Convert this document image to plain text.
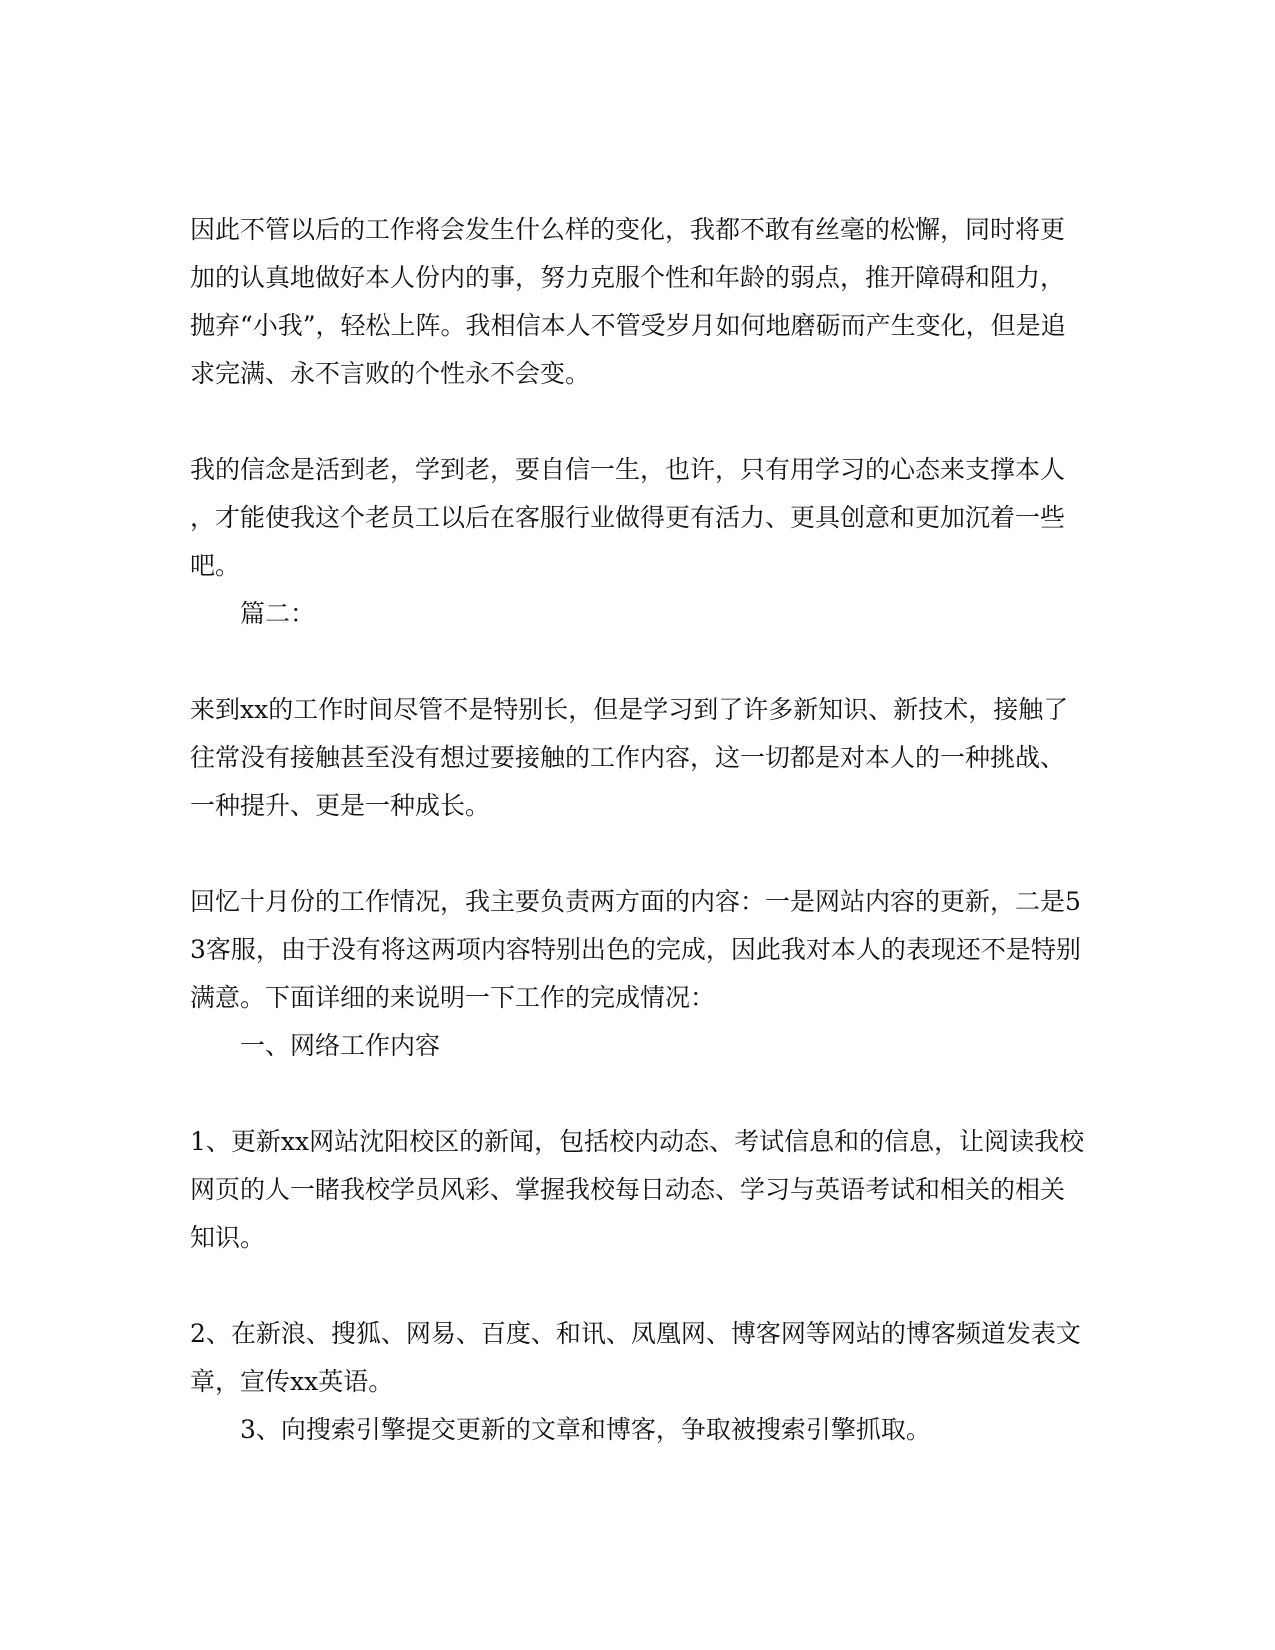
因此不管以后的工作将会发生什么样的变化，我都不敢有丝毫的松懈，同时将更
加的认真地做好本人份内的事，努力克服个性和年龄的弱点，推开障碍和阻力，
抛弃“小我”，轻松上阵。我相信本人不管受岁月如何地磨砺而产生变化，但是追
求完满、永不言败的个性永不会变。

我的信念是活到老，学到老，要自信一生，也许，只有用学习的心态来支撑本人
，才能使我这个老员工以后在客服行业做得更有活力、更具创意和更加沉着一些
吧。

篇二：

来到xx的工作时间尽管不是特别长，但是学习到了许多新知识、新技术，接触了
往常没有接触甚至没有想过要接触的工作内容，这一切都是对本人的一种挑战、
一种提升、更是一种成长。

回忆十月份的工作情况，我主要负责两方面的内容：一是网站内容的更新，二是5
3客服，由于没有将这两项内容特别出色的完成，因此我对本人的表现还不是特别
满意。下面详细的来说明一下工作的完成情况：

一、网络工作内容

1、更新xx网站沈阳校区的新闻，包括校内动态、考试信息和的信息，让阅读我校
网页的人一睹我校学员风彩、掌握我校每日动态、学习与英语考试和相关的相关
知识。

2、在新浪、搜狐、网易、百度、和讯、凤凰网、博客网等网站的博客频道发表文
章，宣传xx英语。

3、向搜索引擎提交更新的文章和博客，争取被搜索引擎抓取。
